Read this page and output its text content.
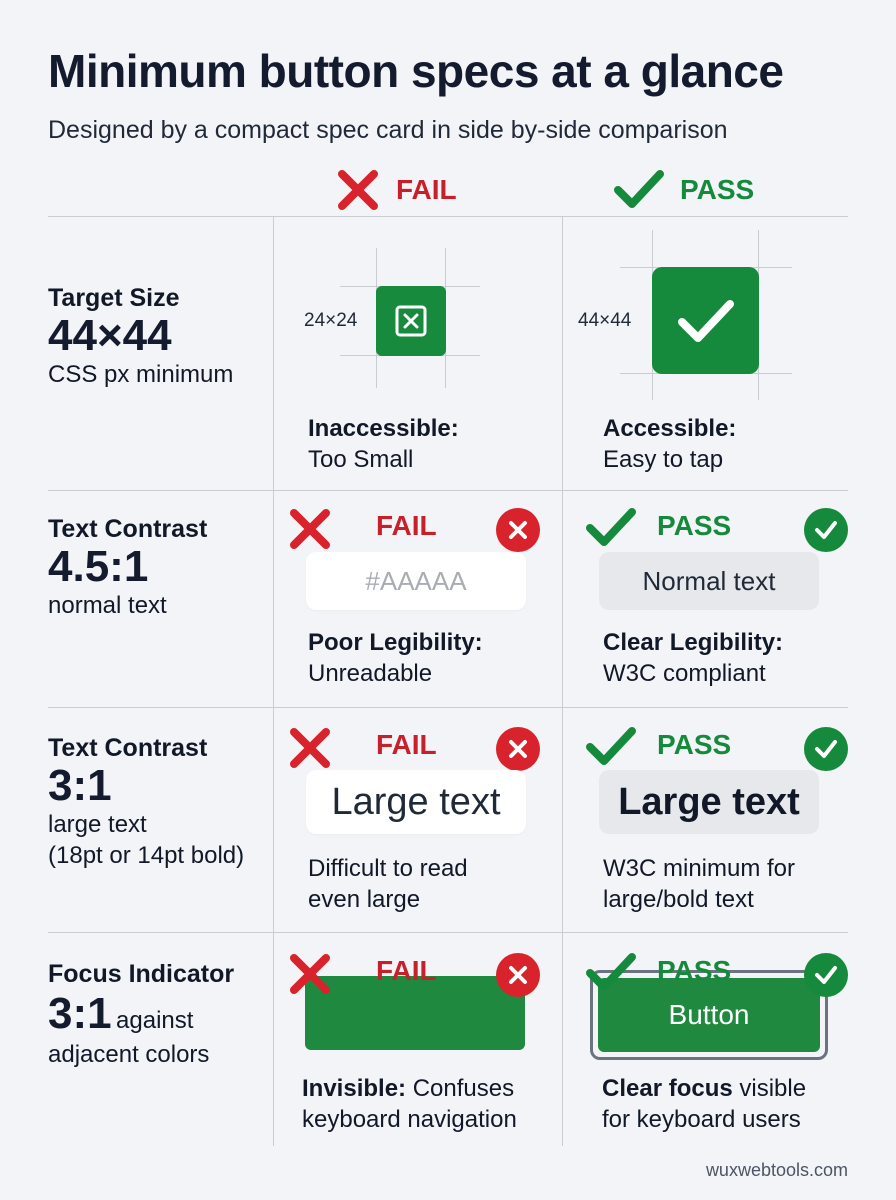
Minimum button specs at a glance
Designed by a compact spec card in side by-side comparison
FAIL	PASS
Target Size
44×44
CSS px minimum
24×24	44×44
Inaccessible:
Too Small
Accessible:
Easy to tap
Text Contrast
4.5:1
normal text
FAIL
#AAAAA
PASS
Normal text
Poor Legibility:
Unreadable
Clear Legibility:
W3C compliant
Text Contrast
3:1
large text
(18pt or 14pt bold)
FAIL
Large text
PASS
Large text
Difficult to read
even large
W3C minimum for
large/bold text
Focus Indicator
3:1 against
adjacent colors
FAIL
Button
PASS
Invisible: Confuses
keyboard navigation
Clear focus visible
for keyboard users
wuxwebtools.com
